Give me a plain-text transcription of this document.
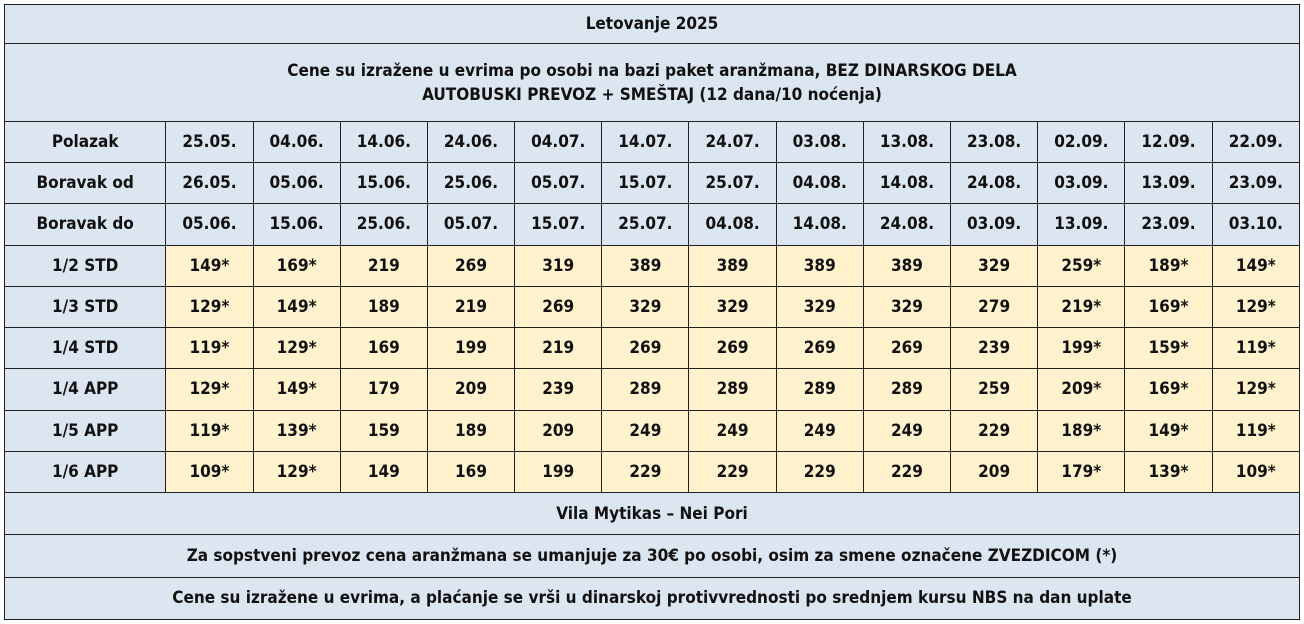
Letovanje 2025													
Cene su izražene u evrima po osobi na bazi paket aranžmana, BEZ DINARSKOG DELA
AUTOBUSKI PREVOZ + SMEŠTAJ (12 dana/10 noćenja)													
Polazak	25.05.	04.06.	14.06.	24.06.	04.07.	14.07.	24.07.	03.08.	13.08.	23.08.	02.09.	12.09.	22.09.
Boravak od	26.05.	05.06.	15.06.	25.06.	05.07.	15.07.	25.07.	04.08.	14.08.	24.08.	03.09.	13.09.	23.09.
Boravak do	05.06.	15.06.	25.06.	05.07.	15.07.	25.07.	04.08.	14.08.	24.08.	03.09.	13.09.	23.09.	03.10.
1/2 STD	149*	169*	219	269	319	389	389	389	389	329	259*	189*	149*
1/3 STD	129*	149*	189	219	269	329	329	329	329	279	219*	169*	129*
1/4 STD	119*	129*	169	199	219	269	269	269	269	239	199*	159*	119*
1/4 APP	129*	149*	179	209	239	289	289	289	289	259	209*	169*	129*
1/5 APP	119*	139*	159	189	209	249	249	249	249	229	189*	149*	119*
1/6 APP	109*	129*	149	169	199	229	229	229	229	209	179*	139*	109*
Vila Mytikas – Nei Pori													
Za sopstveni prevoz cena aranžmana se umanjuje za 30€ po osobi, osim za smene označene ZVEZDICOM (*)													
Cene su izražene u evrima, a plaćanje se vrši u dinarskoj protivvrednosti po srednjem kursu NBS na dan uplate													
